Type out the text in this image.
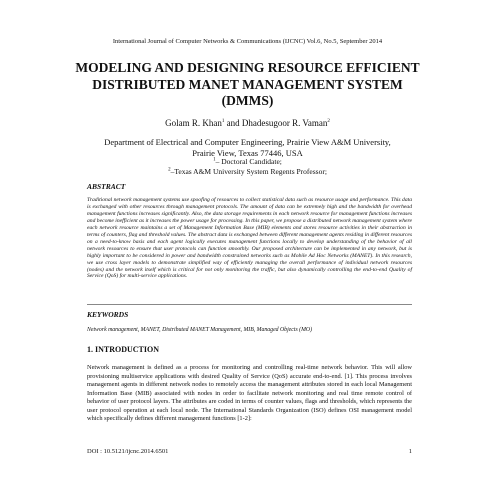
International Journal of Computer Networks & Communications (IJCNC) Vol.6, No.5, September 2014
MODELING AND DESIGNING RESOURCE EFFICIENT
DISTRIBUTED MANET MANAGEMENT SYSTEM
(DMMS)
Golam R. Khan$^1$ and Dhadesugoor R. Vaman$^2$
Department of Electrical and Computer Engineering, Prairie View A&M University,
Prairie View, Texas 77446, USA
$^1$– Doctoral Candidate;
$^2$–Texas A&M University System Regents Professor;
ABSTRACT

Traditional network management systems use spoofing of resources to collect statistical data such as resource usage and performance. This data is exchanged with other resources through management protocols. The amount of data can be extremely high and the bandwidth for overhead management functions increases significantly. Also, the data storage requirements in each network resource for management functions increases and become inefficient as it increases the power usage for processing. In this paper, we propose a distributed network management system where each network resource maintains a set of Management Information Base (MIB) elements and stores resource activities in their abstraction in terms of counters, flag and threshold values. The abstract data is exchanged between different management agents residing in different resources on a need-to-know basis and each agent logically executes management functions locally to develop understanding of the behavior of all network resources to ensure that user protocols can function smoothly. Our proposed architecture can be implemented in any network, but is highly important to be considered in power and bandwidth constrained networks such as Mobile Ad Hoc Networks (MANET). In this research, we use cross layer models to demonstrate simplified way of efficiently managing the overall performance of individual network resources (nodes) and the network itself which is critical for not only monitoring the traffic, but also dynamically controlling the end-to-end Quality of Service (QoS) for multi-service applications.

KEYWORDS
Network management, MANET, Distributed MANET Management, MIB, Managed Objects (MO)
1. INTRODUCTION

Network management is defined as a process for monitoring and controlling real-time network behavior. This will allow provisioning multiservice applications with desired Quality of Service (QoS) accurate end-to-end. [1]. This process involves management agents in different network nodes to remotely access the management attributes stored in each local Management Information Base (MIB) associated with nodes in order to facilitate network monitoring and real time remote control of behavior of user protocol layers. The attributes are coded in terms of counter values, flags and thresholds, which represents the user protocol operation at each local node. The International Standards Organization (ISO) defines OSI management model which specifically defines different management functions [1-2]:

DOI : 10.5121/ijcnc.2014.6501	1
